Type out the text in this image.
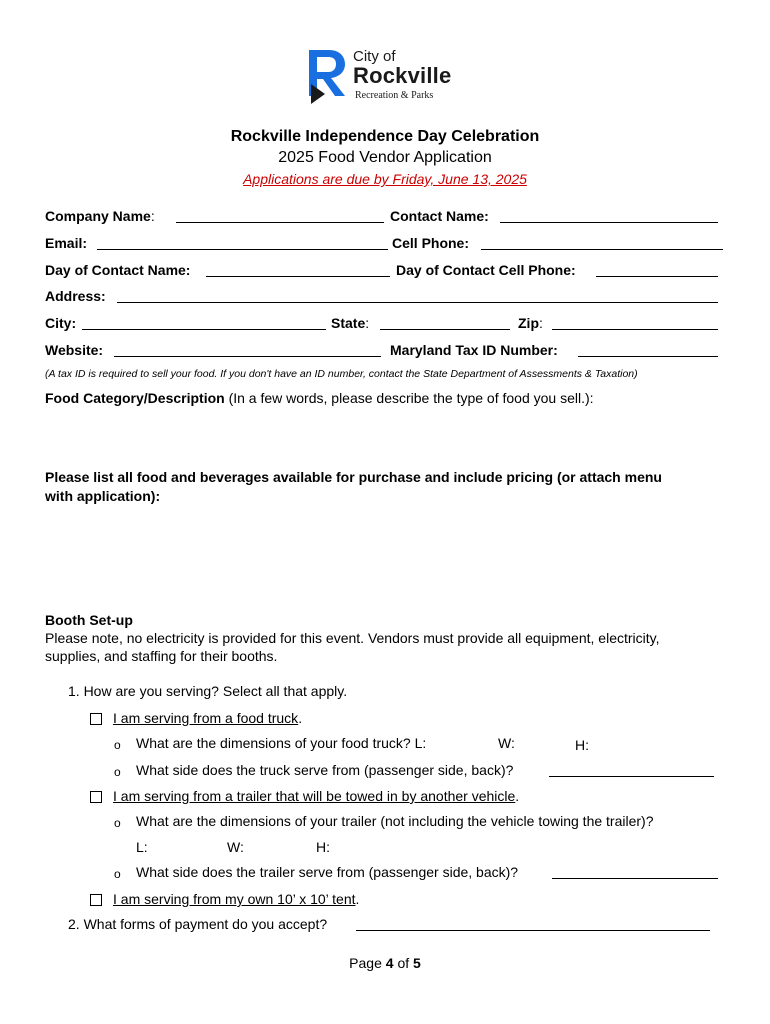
City of
Rockville
Recreation & Parks
Rockville Independence Day Celebration
2025 Food Vendor Application
Applications are due by Friday, June 13, 2025
Company Name:	Contact Name:
Email:	Cell Phone:
Day of Contact Name:	Day of Contact Cell Phone:
Address:
City:	State:	Zip:
Website:	Maryland Tax ID Number:
(A tax ID is required to sell your food. If you don't have an ID number, contact the State Department of Assessments & Taxation)
Food Category/Description (In a few words, please describe the type of food you sell.):
Please list all food and beverages available for purchase and include pricing (or attach menu
with application):
Booth Set-up
Please note, no electricity is provided for this event. Vendors must provide all equipment, electricity,
supplies, and staffing for their booths.
1. How are you serving? Select all that apply.
I am serving from a food truck.
o What are the dimensions of your food truck? L:	W:	H:
o What side does the truck serve from (passenger side, back)?
I am serving from a trailer that will be towed in by another vehicle.
o What are the dimensions of your trailer (not including the vehicle towing the trailer)?
L:	W:	H:
o What side does the trailer serve from (passenger side, back)?
I am serving from my own 10’ x 10’ tent.
2. What forms of payment do you accept?
Page 4 of 5
